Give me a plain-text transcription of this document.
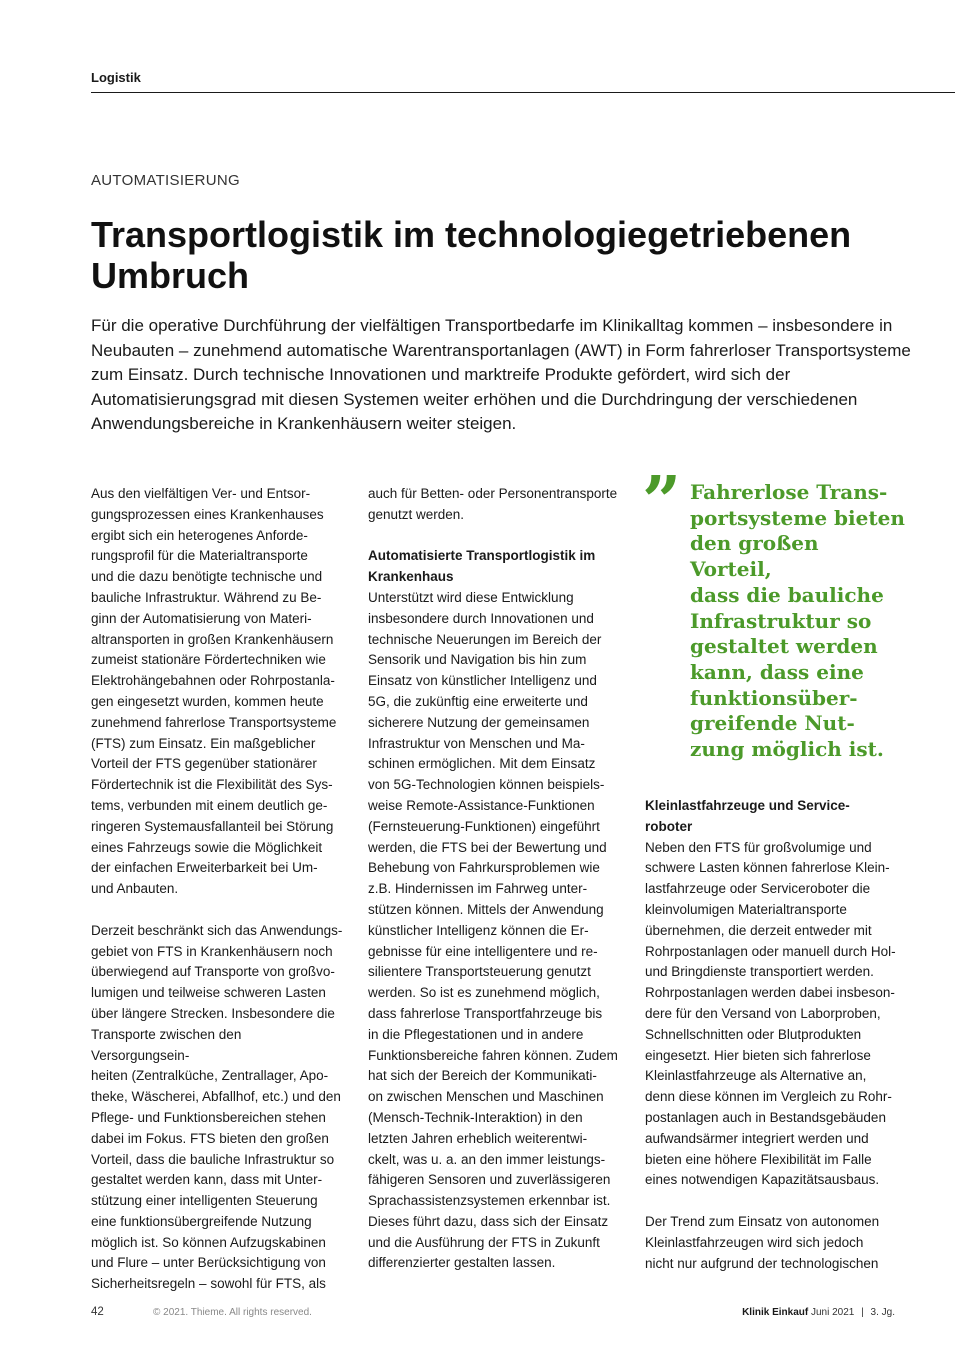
Logistik
AUTOMATISIERUNG
Transportlogistik im technologiegetriebenen Umbruch

Für die operative Durchführung der vielfältigen Transportbedarfe im Klinikalltag kommen – insbesondere in Neubauten – zunehmend automatische Warentransportanlagen (AWT) in Form fahrerloser Transportsysteme zum Einsatz. Durch technische Innovationen und marktreife Produkte gefördert, wird sich der Automatisierungsgrad mit diesen Systemen weiter erhöhen und die Durchdringung der verschiedenen Anwendungsbereiche in Krankenhäusern weiter steigen.

Aus den vielfältigen Ver- und Entsor-
gungsprozessen eines Krankenhauses
ergibt sich ein heterogenes Anforde-
rungsprofil für die Materialtransporte
und die dazu benötigte technische und
bauliche Infrastruktur. Während zu Be-
ginn der Automatisierung von Materi-
altransporten in großen Krankenhäusern
zumeist stationäre Fördertechniken wie
Elektrohängebahnen oder Rohrpostanla-
gen eingesetzt wurden, kommen heute
zunehmend fahrerlose Transportsysteme
(FTS) zum Einsatz. Ein maßgeblicher
Vorteil der FTS gegenüber stationärer
Fördertechnik ist die Flexibilität des Sys-
tems, verbunden mit einem deutlich ge-
ringeren Systemausfallanteil bei Störung
eines Fahrzeugs sowie die Möglichkeit
der einfachen Erweiterbarkeit bei Um-
und Anbauten.

Derzeit beschränkt sich das Anwendungs-
gebiet von FTS in Krankenhäusern noch
überwiegend auf Transporte von großvo-
lumigen und teilweise schweren Lasten
über längere Strecken. Insbesondere die
Transporte zwischen den Versorgungsein-
heiten (Zentralküche, Zentrallager, Apo-
theke, Wäscherei, Abfallhof, etc.) und den
Pflege- und Funktionsbereichen stehen
dabei im Fokus. FTS bieten den großen
Vorteil, dass die bauliche Infrastruktur so
gestaltet werden kann, dass mit Unter-
stützung einer intelligenten Steuerung
eine funktionsübergreifende Nutzung
möglich ist. So können Aufzugskabinen
und Flure – unter Berücksichtigung von
Sicherheitsregeln – sowohl für FTS, als

auch für Betten- oder Personentransporte
genutzt werden.

Automatisierte Transportlogistik im
Krankenhaus

Unterstützt wird diese Entwicklung
insbesondere durch Innovationen und
technische Neuerungen im Bereich der
Sensorik und Navigation bis hin zum
Einsatz von künstlicher Intelligenz und
5G, die zukünftig eine erweiterte und
sicherere Nutzung der gemeinsamen
Infrastruktur von Menschen und Ma-
schinen ermöglichen. Mit dem Einsatz
von 5G-Technologien können beispiels-
weise Remote-Assistance-Funktionen
(Fernsteuerung-Funktionen) eingeführt
werden, die FTS bei der Bewertung und
Behebung von Fahrkursproblemen wie
z.B. Hindernissen im Fahrweg unter-
stützen können. Mittels der Anwendung
künstlicher Intelligenz können die Er-
gebnisse für eine intelligentere und re-
silientere Transportsteuerung genutzt
werden. So ist es zunehmend möglich,
dass fahrerlose Transportfahrzeuge bis
in die Pflegestationen und in andere
Funktionsbereiche fahren können. Zudem
hat sich der Bereich der Kommunikati-
on zwischen Menschen und Maschinen
(Mensch-Technik-Interaktion) in den
letzten Jahren erheblich weiterentwi-
ckelt, was u. a. an den immer leistungs-
fähigeren Sensoren und zuverlässigeren
Sprachassistenzsystemen erkennbar ist.
Dieses führt dazu, dass sich der Einsatz
und die Ausführung der FTS in Zukunft
differenzierter gestalten lassen.

” Fahrerlose Trans-
portsysteme bieten
den großen Vorteil,
dass die bauliche
Infrastruktur so
gestaltet werden
kann, dass eine
funktionsüber-
greifende Nut-
zung möglich ist.

Kleinlastfahrzeuge und Service-
roboter

Neben den FTS für großvolumige und
schwere Lasten können fahrerlose Klein-
lastfahrzeuge oder Serviceroboter die
kleinvolumigen Materialtransporte
übernehmen, die derzeit entweder mit
Rohrpostanlagen oder manuell durch Hol-
und Bringdienste transportiert werden.
Rohrpostanlagen werden dabei insbeson-
dere für den Versand von Laborproben,
Schnellschnitten oder Blutprodukten
eingesetzt. Hier bieten sich fahrerlose
Kleinlastfahrzeuge als Alternative an,
denn diese können im Vergleich zu Rohr-
postanlagen auch in Bestandsgebäuden
aufwandsärmer integriert werden und
bieten eine höhere Flexibilität im Falle
eines notwendigen Kapazitätsausbaus.

Der Trend zum Einsatz von autonomen
Kleinlastfahrzeugen wird sich jedoch
nicht nur aufgrund der technologischen

42	© 2021. Thieme. All rights reserved.	Klinik Einkauf Juni 2021 | 3. Jg.
